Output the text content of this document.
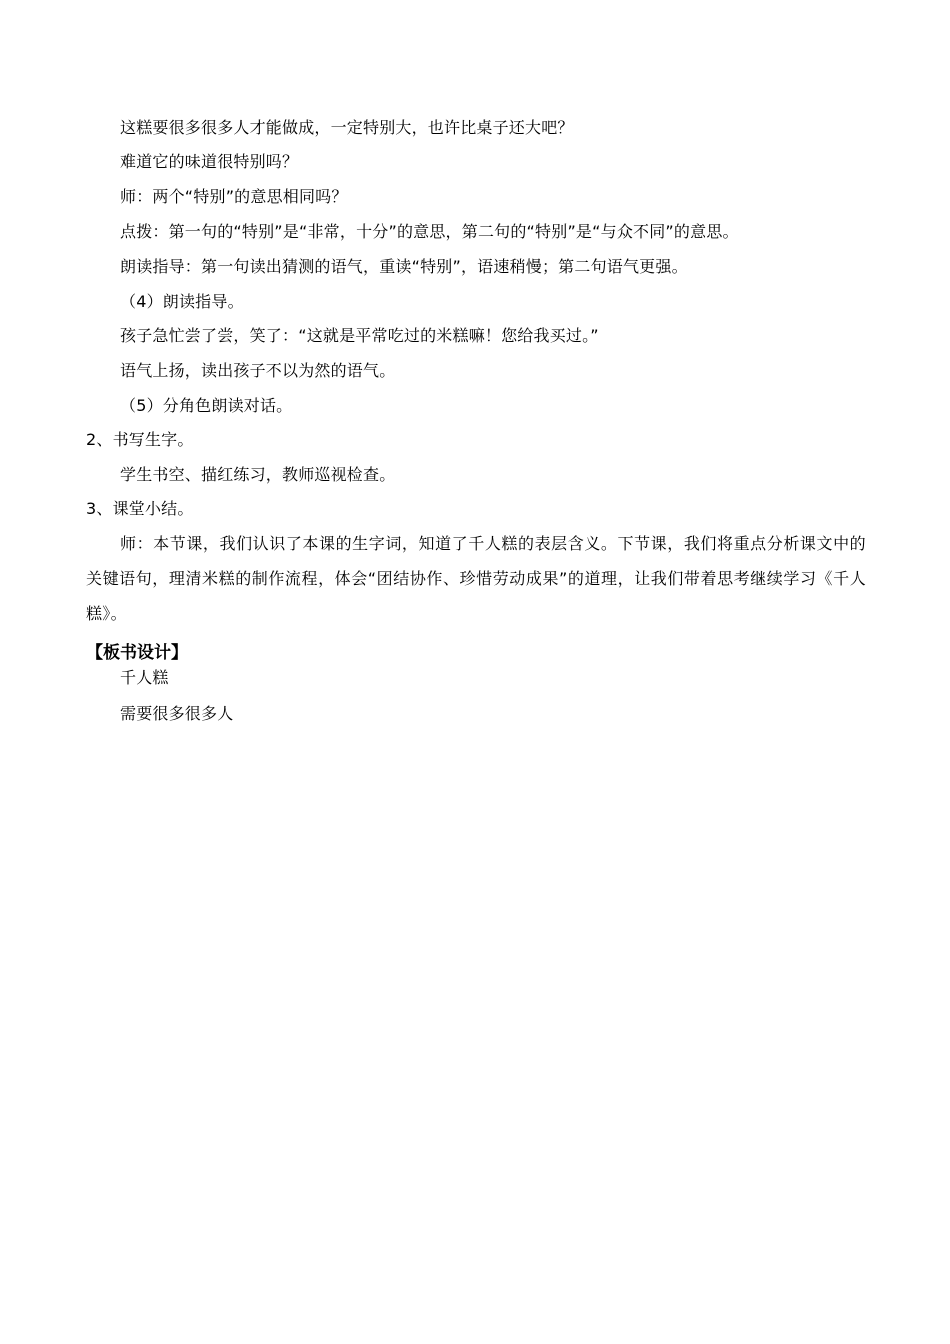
这糕要很多很多人才能做成，一定特别大，也许比桌子还大吧？
难道它的味道很特别吗？
师：两个“特别”的意思相同吗？
点拨：第一句的“特别”是“非常，十分”的意思，第二句的“特别”是“与众不同”的意思。
朗读指导：第一句读出猜测的语气，重读“特别”，语速稍慢；第二句语气更强。
（4）朗读指导。
孩子急忙尝了尝，笑了：“这就是平常吃过的米糕嘛！您给我买过。”
语气上扬，读出孩子不以为然的语气。
（5）分角色朗读对话。
2、书写生字。
学生书空、描红练习，教师巡视检查。
3、课堂小结。
师：本节课，我们认识了本课的生字词，知道了千人糕的表层含义。下节课，我们将重点分析课文中的关键语句，理清米糕的制作流程，体会“团结协作、珍惜劳动成果”的道理，让我们带着思考继续学习《千人糕》。
【板书设计】
千人糕
需要很多很多人
